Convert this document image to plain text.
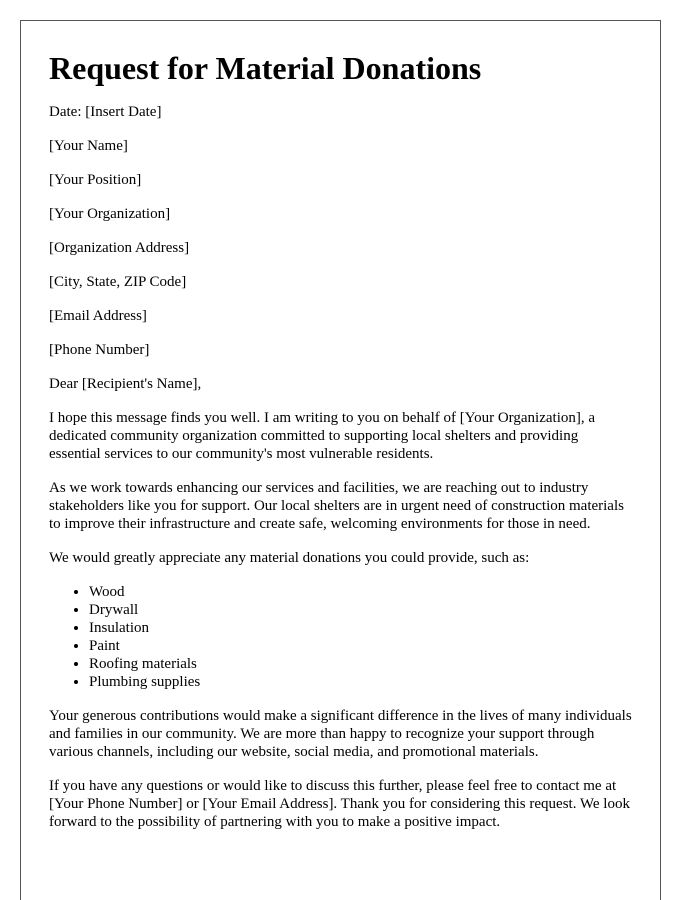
Request for Material Donations

Date: [Insert Date]

[Your Name]

[Your Position]

[Your Organization]

[Organization Address]

[City, State, ZIP Code]

[Email Address]

[Phone Number]

Dear [Recipient's Name],

I hope this message finds you well. I am writing to you on behalf of [Your Organization], a dedicated community organization committed to supporting local shelters and providing essential services to our community's most vulnerable residents.

As we work towards enhancing our services and facilities, we are reaching out to industry stakeholders like you for support. Our local shelters are in urgent need of construction materials to improve their infrastructure and create safe, welcoming environments for those in need.

We would greatly appreciate any material donations you could provide, such as:

• Wood
• Drywall
• Insulation
• Paint
• Roofing materials
• Plumbing supplies

Your generous contributions would make a significant difference in the lives of many individuals and families in our community. We are more than happy to recognize your support through various channels, including our website, social media, and promotional materials.

If you have any questions or would like to discuss this further, please feel free to contact me at [Your Phone Number] or [Your Email Address]. Thank you for considering this request. We look forward to the possibility of partnering with you to make a positive impact.
